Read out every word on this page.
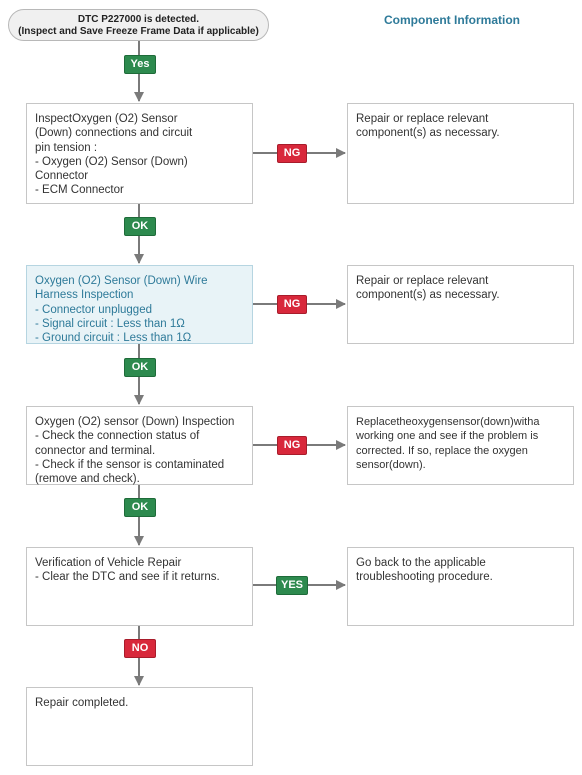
DTC P227000 is detected.
(Inspect and Save Freeze Frame Data if applicable)
Component Information
InspectOxygen (O2) Sensor
(Down) connections and circuit
pin tension :
- Oxygen (O2) Sensor (Down)
Connector
- ECM Connector
Oxygen (O2) Sensor (Down) Wire
Harness Inspection
- Connector unplugged
- Signal circuit : Less than 1Ω
- Ground circuit : Less than 1Ω
Oxygen (O2) sensor (Down) Inspection
- Check the connection status of
connector and terminal.
- Check if the sensor is contaminated
(remove and check).
Verification of Vehicle Repair
- Clear the DTC and see if it returns.
Repair completed.
Repair or replace relevant
component(s) as necessary.
Repair or replace relevant
component(s) as necessary.
Replacetheoxygensensor(down)witha
working one and see if the problem is
corrected. If so, replace the oxygen
sensor(down).
Go back to the applicable
troubleshooting procedure.
Yes
OK
OK
OK
NO
NG
NG
NG
YES
